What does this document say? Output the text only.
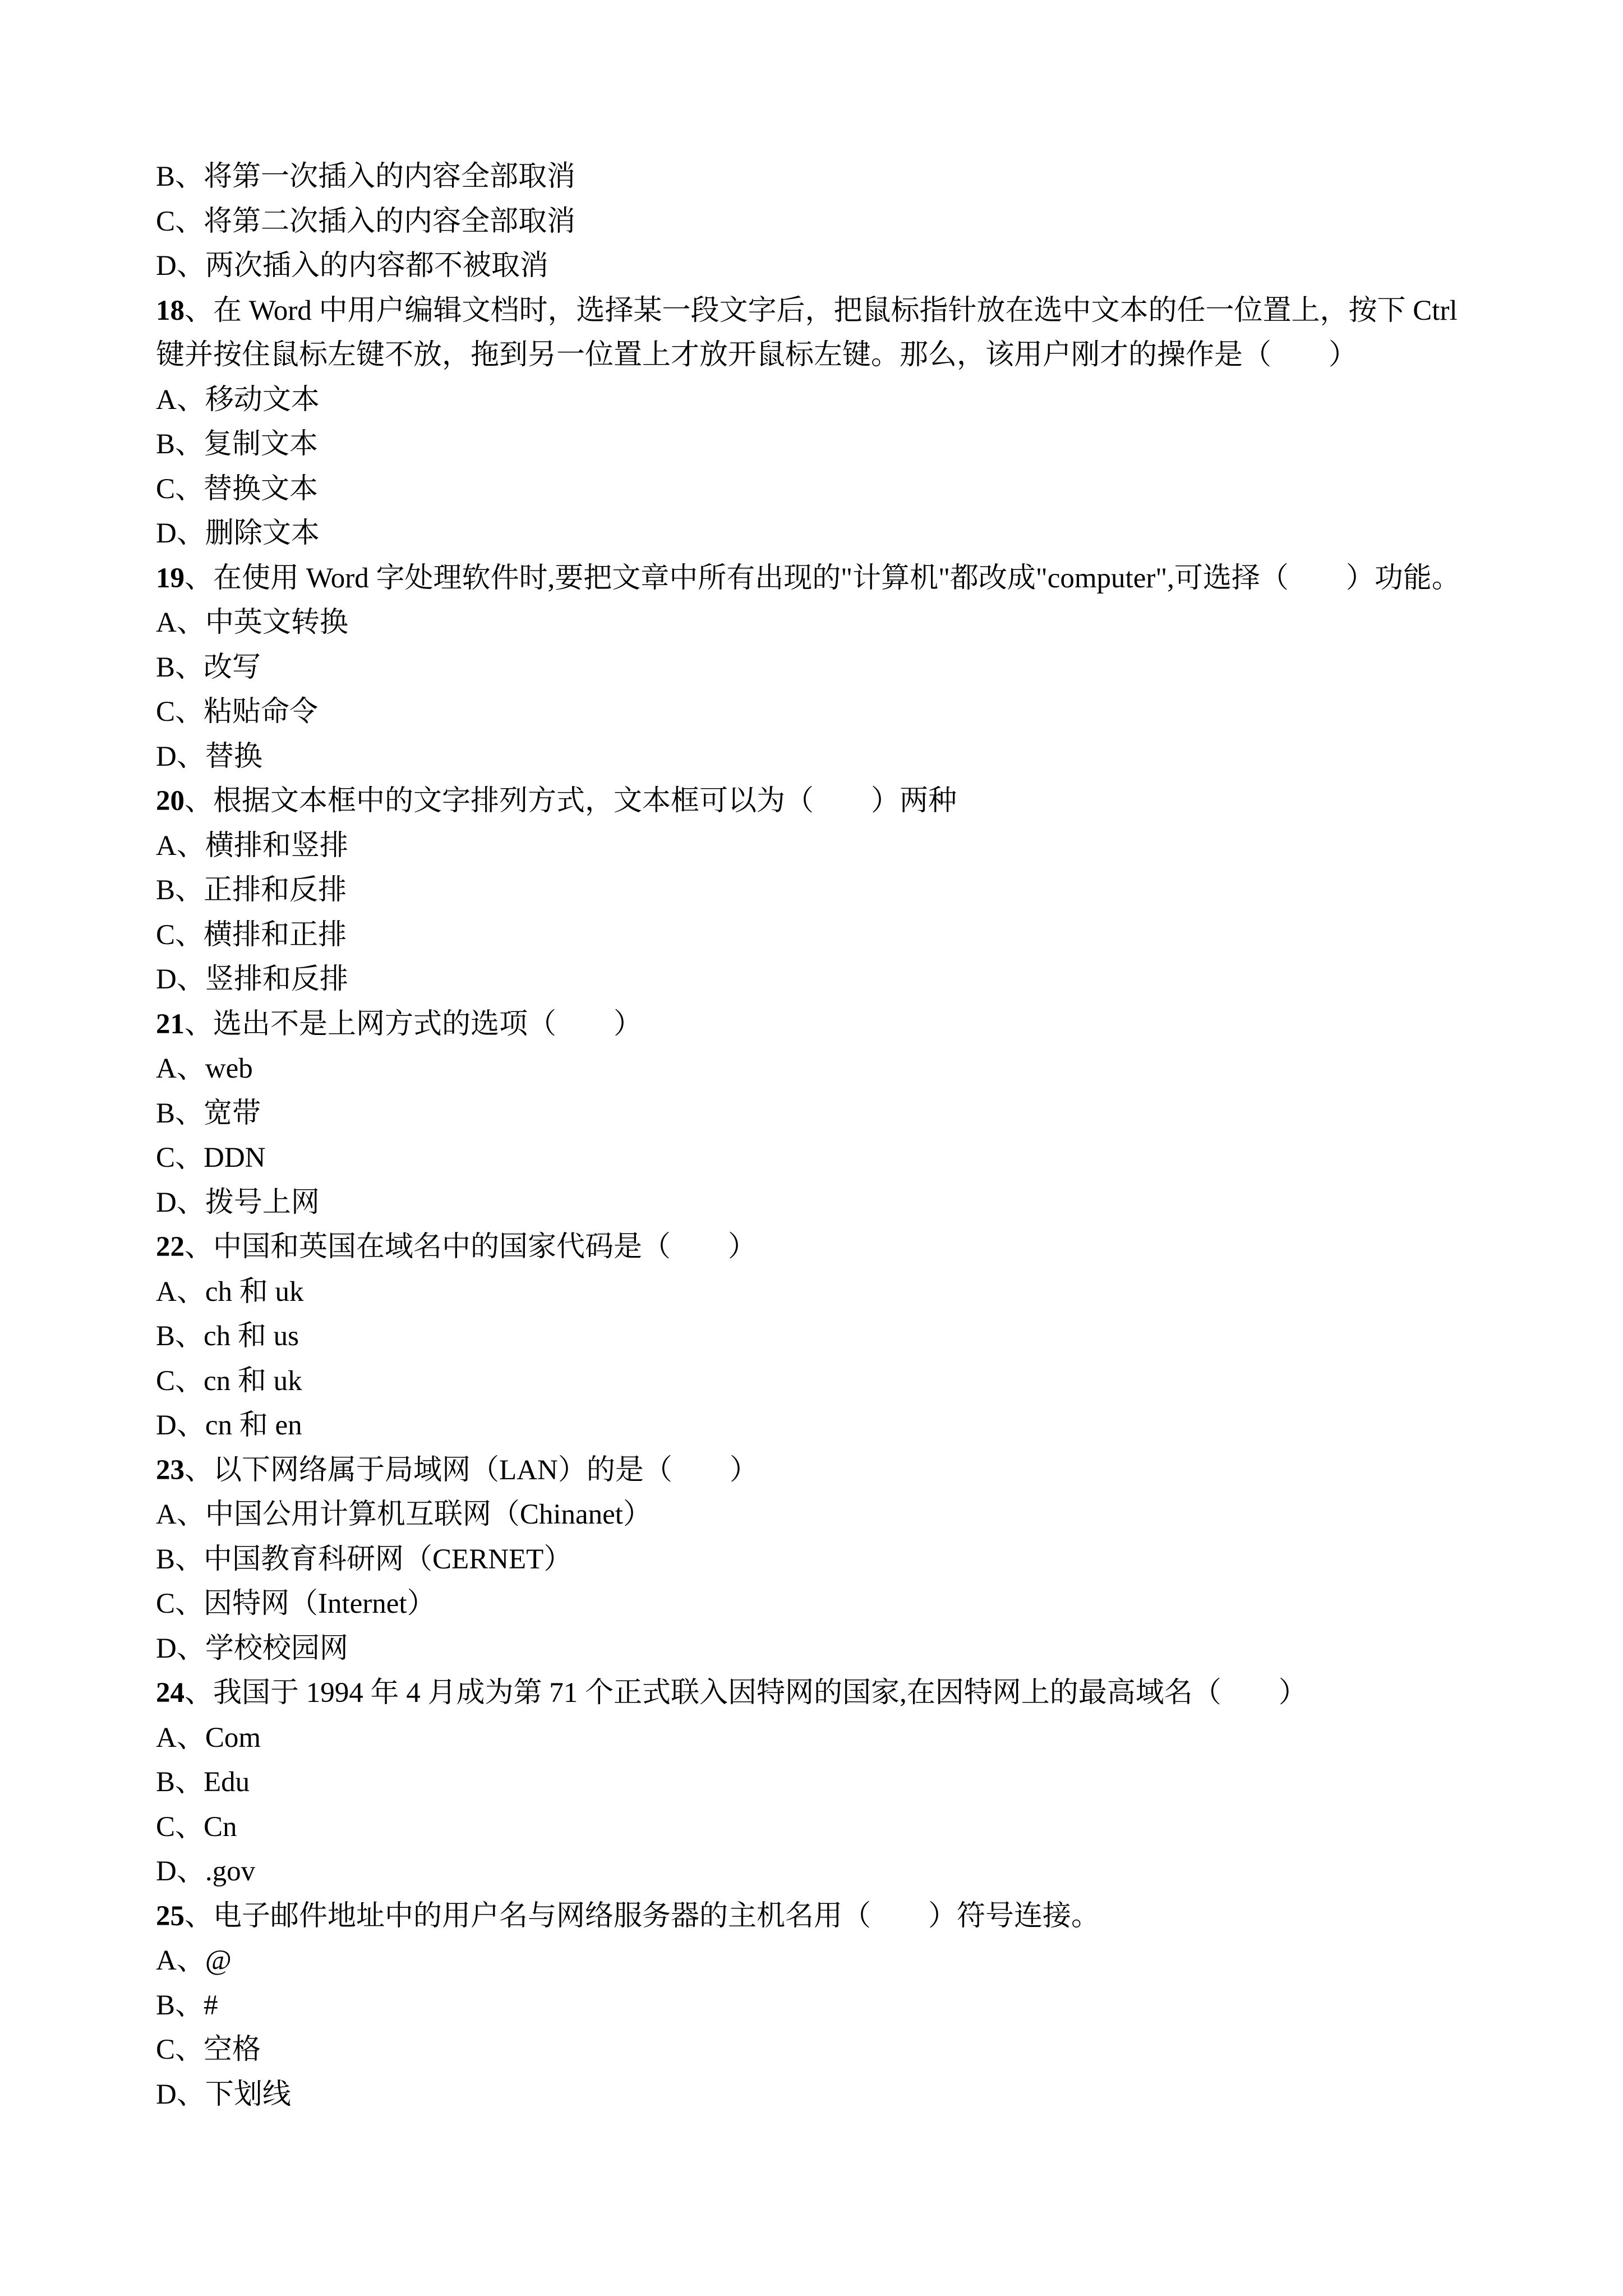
B、将第一次插入的内容全部取消
C、将第二次插入的内容全部取消
D、两次插入的内容都不被取消
18、在 Word 中用户编辑文档时，选择某一段文字后，把鼠标指针放在选中文本的任一位置上，按下 Ctrl 键并按住鼠标左键不放，拖到另一位置上才放开鼠标左键。那么，该用户刚才的操作是（　　）
A、移动文本
B、复制文本
C、替换文本
D、删除文本
19、在使用 Word 字处理软件时,要把文章中所有出现的"计算机"都改成"computer",可选择（　　）功能。
A、中英文转换
B、改写
C、粘贴命令
D、替换
20、根据文本框中的文字排列方式，文本框可以为（　　）两种
A、横排和竖排
B、正排和反排
C、横排和正排
D、竖排和反排
21、选出不是上网方式的选项（　　）
A、web
B、宽带
C、DDN
D、拨号上网
22、中国和英国在域名中的国家代码是（　　）
A、ch 和 uk
B、ch 和 us
C、cn 和 uk
D、cn 和 en
23、以下网络属于局域网（LAN）的是（　　）
A、中国公用计算机互联网（Chinanet）
B、中国教育科研网（CERNET）
C、因特网（Internet）
D、学校校园网
24、我国于 1994 年 4 月成为第 71 个正式联入因特网的国家,在因特网上的最高域名（　　）
A、Com
B、Edu
C、Cn
D、.gov
25、电子邮件地址中的用户名与网络服务器的主机名用（　　）符号连接。
A、@
B、#
C、空格
D、下划线
